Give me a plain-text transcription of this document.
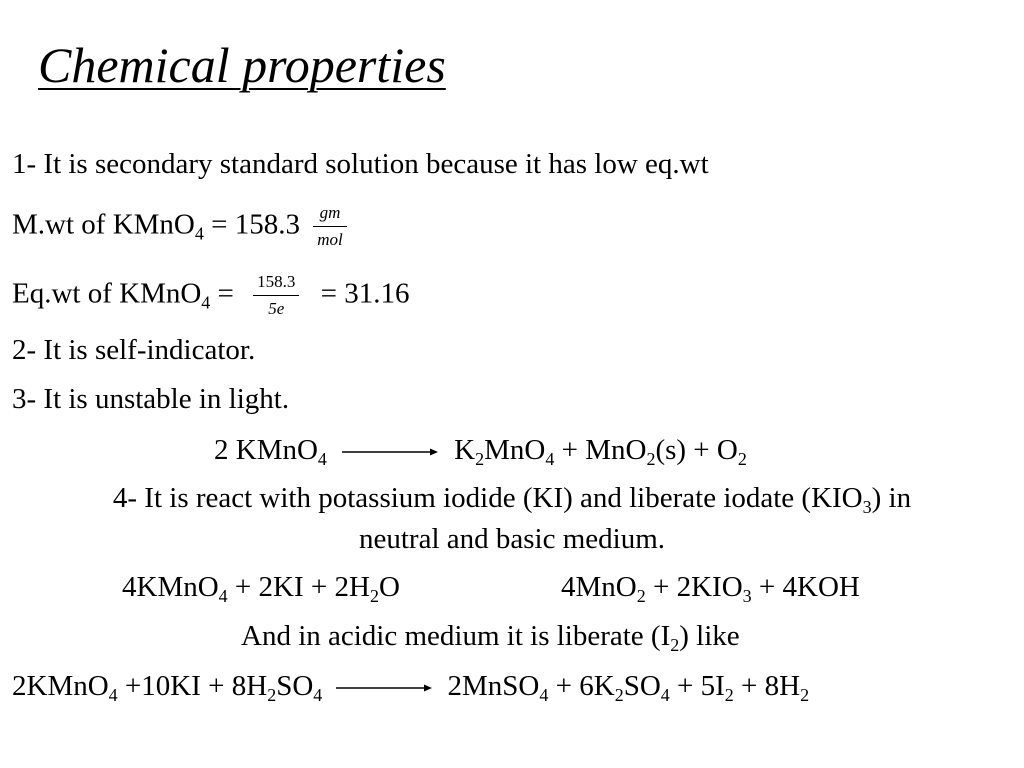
Chemical properties
1- It is secondary standard solution because it has low eq.wt
M.wt of KMnO$_4$ = $158.3 \frac{gm}{\text{mol}}$
Eq.wt of KMnO$_4$ = $\frac{158.3}{5e} = 31.16$
2- It is self-indicator.
3- It is unstable in light.
2 KMnO$_4$ → $K_2MnO_4 + MnO_2(s) + O_2$
4- It is react with potassium iodide (KI) and liberate iodate $(KIO_3)$ in
neutral and basic medium.
4KMnO$_4$ + $2KI + 2H_2O$	$4MnO_2 + 2KIO_3 + 4KOH$
And in acidic medium it is liberate $(I_2)$ like
2KMnO$_4$ $+10KI + 8H_2SO_4$ → 2MnSO$_4$ + $6K_2SO_4 + 5I_2 + 8H_2$
